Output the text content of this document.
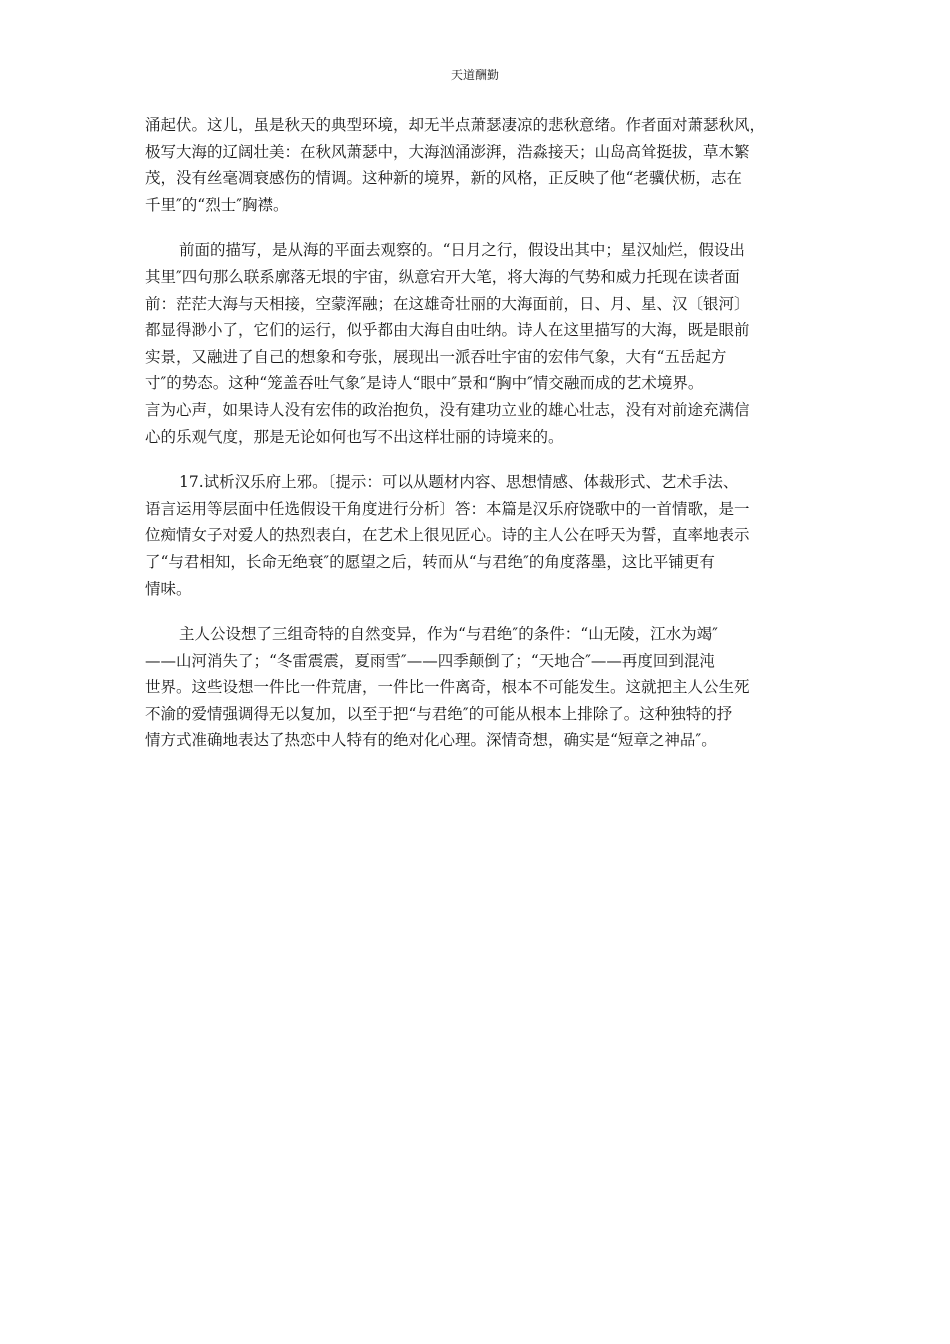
天道酬勤

涌起伏。这儿，虽是秋天的典型环境，却无半点萧瑟凄凉的悲秋意绪。作者面对萧瑟秋风，
极写大海的辽阔壮美：在秋风萧瑟中，大海汹涌澎湃，浩淼接天；山岛高耸挺拔，草木繁
茂，没有丝毫凋衰感伤的情调。这种新的境界，新的风格，正反映了他“老骥伏枥，志在
千里″的“烈士″胸襟。

前面的描写，是从海的平面去观察的。“日月之行，假设出其中；星汉灿烂，假设出
其里″四句那么联系廓落无垠的宇宙，纵意宕开大笔，将大海的气势和威力托现在读者面
前：茫茫大海与天相接，空蒙浑融；在这雄奇壮丽的大海面前，日、月、星、汉〔银河〕
都显得渺小了，它们的运行，似乎都由大海自由吐纳。诗人在这里描写的大海，既是眼前
实景，又融进了自己的想象和夸张，展现出一派吞吐宇宙的宏伟气象，大有“五岳起方
寸″的势态。这种“笼盖吞吐气象″是诗人“眼中″景和“胸中″情交融而成的艺术境界。
言为心声，如果诗人没有宏伟的政治抱负，没有建功立业的雄心壮志，没有对前途充满信
心的乐观气度，那是无论如何也写不出这样壮丽的诗境来的。

17.试析汉乐府上邪。〔提示：可以从题材内容、思想情感、体裁形式、艺术手法、
语言运用等层面中任选假设干角度进行分析〕答：本篇是汉乐府饶歌中的一首情歌，是一
位痴情女子对爱人的热烈表白，在艺术上很见匠心。诗的主人公在呼天为誓，直率地表示
了“与君相知，长命无绝衰″的愿望之后，转而从“与君绝″的角度落墨，这比平铺更有
情味。

主人公设想了三组奇特的自然变异，作为“与君绝″的条件：“山无陵，江水为竭″
——山河消失了；“冬雷震震，夏雨雪″——四季颠倒了；“天地合″——再度回到混沌
世界。这些设想一件比一件荒唐，一件比一件离奇，根本不可能发生。这就把主人公生死
不渝的爱情强调得无以复加，以至于把“与君绝″的可能从根本上排除了。这种独特的抒
情方式准确地表达了热恋中人特有的绝对化心理。深情奇想，确实是“短章之神品″。
